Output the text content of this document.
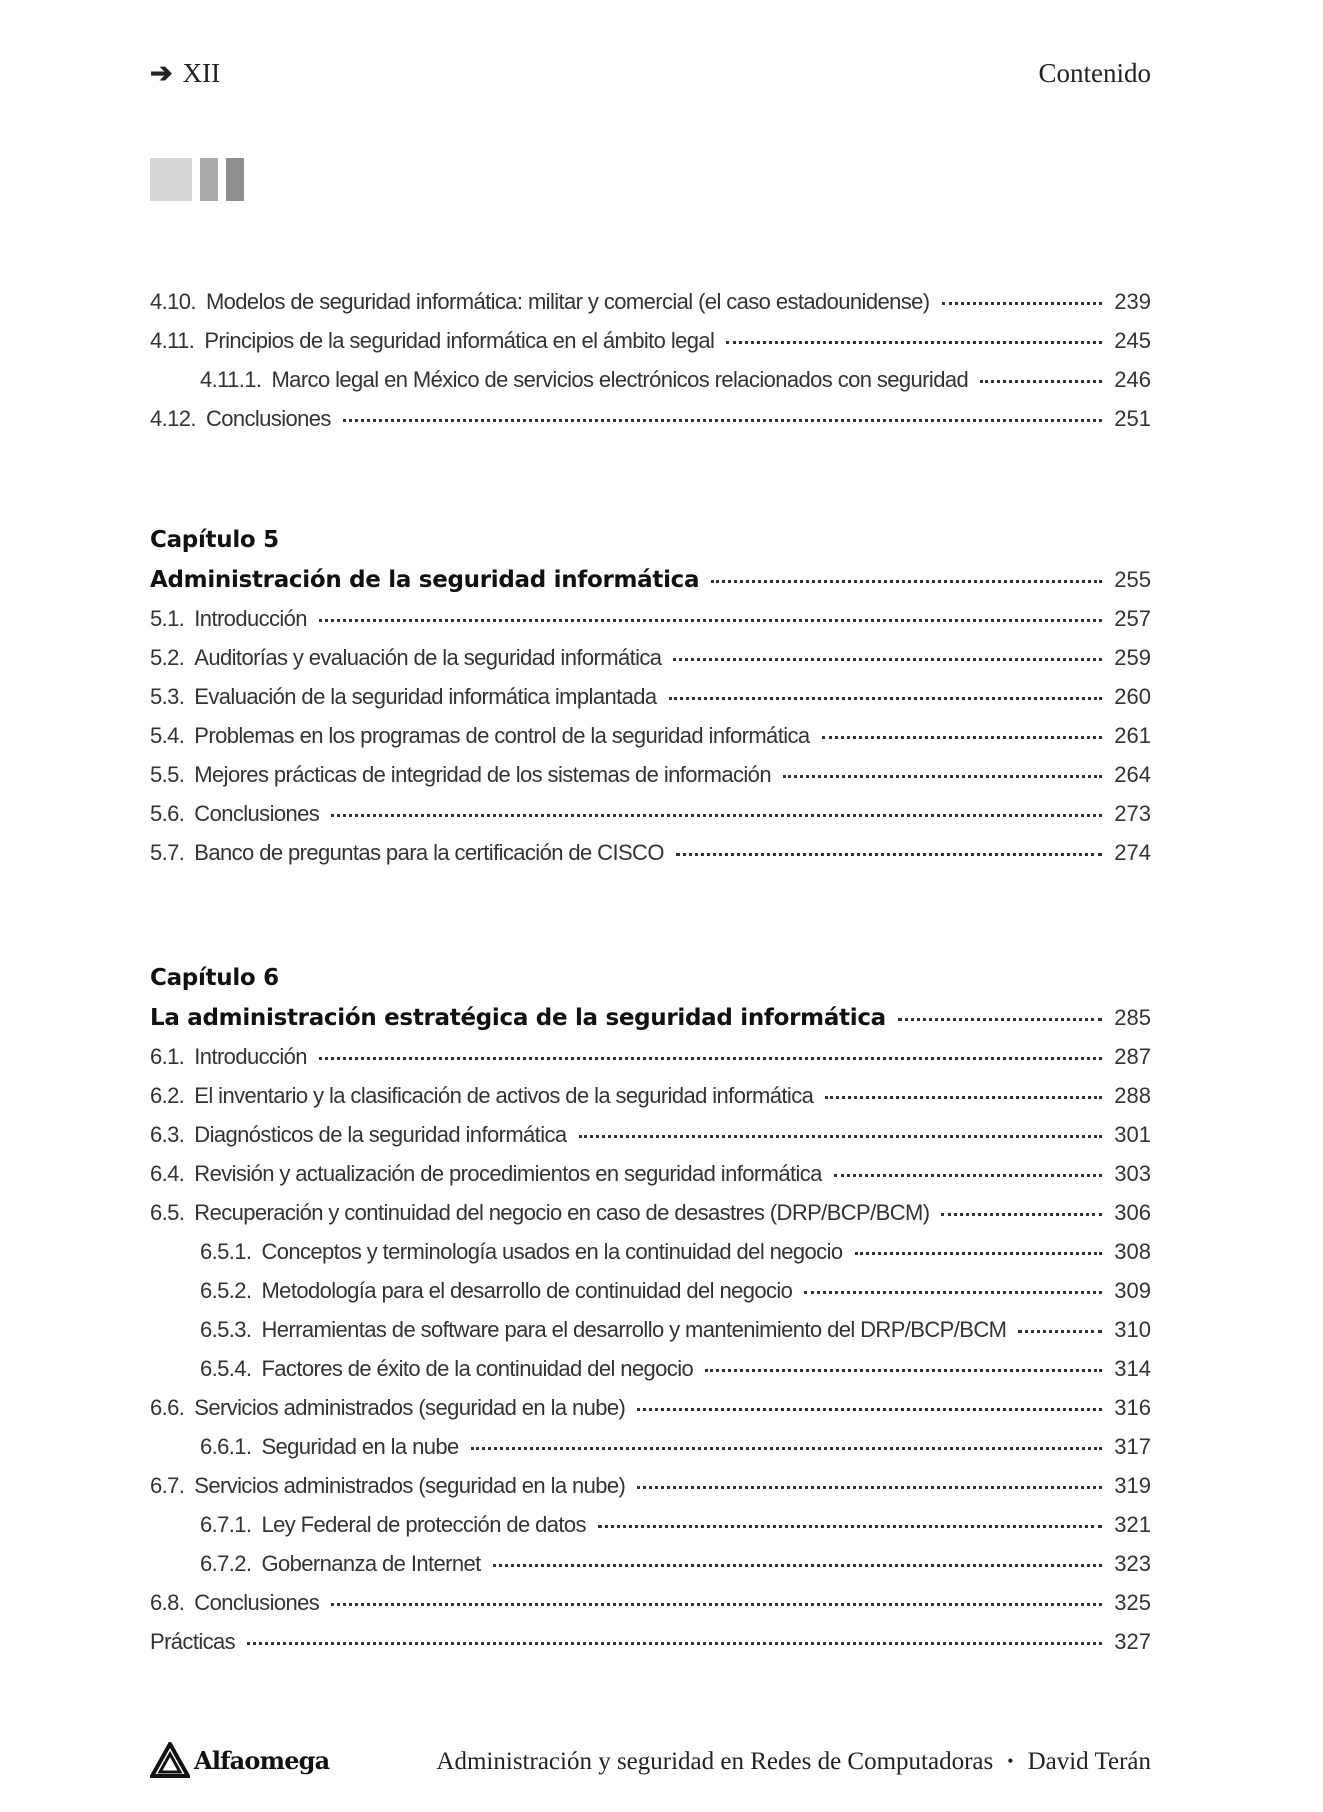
➔ XII	Contenido
4.10. Modelos de seguridad informática: militar y comercial (el caso estadounidense)	239
4.11. Principios de la seguridad informática en el ámbito legal	245
4.11.1. Marco legal en México de servicios electrónicos relacionados con seguridad	246
4.12. Conclusiones	251
Capítulo 5
Administración de la seguridad informática	255
5.1. Introducción	257
5.2. Auditorías y evaluación de la seguridad informática	259
5.3. Evaluación de la seguridad informática implantada	260
5.4. Problemas en los programas de control de la seguridad informática	261
5.5. Mejores prácticas de integridad de los sistemas de información	264
5.6. Conclusiones	273
5.7. Banco de preguntas para la certificación de CISCO	274
Capítulo 6
La administración estratégica de la seguridad informática	285
6.1. Introducción	287
6.2. El inventario y la clasificación de activos de la seguridad informática	288
6.3. Diagnósticos de la seguridad informática	301
6.4. Revisión y actualización de procedimientos en seguridad informática	303
6.5. Recuperación y continuidad del negocio en caso de desastres (DRP/BCP/BCM)	306
6.5.1. Conceptos y terminología usados en la continuidad del negocio	308
6.5.2. Metodología para el desarrollo de continuidad del negocio	309
6.5.3. Herramientas de software para el desarrollo y mantenimiento del DRP/BCP/BCM	310
6.5.4. Factores de éxito de la continuidad del negocio	314
6.6. Servicios administrados (seguridad en la nube)	316
6.6.1. Seguridad en la nube	317
6.7. Servicios administrados (seguridad en la nube)	319
6.7.1. Ley Federal de protección de datos	321
6.7.2. Gobernanza de Internet	323
6.8. Conclusiones	325
Prácticas	327
Alfaomega	Administración y seguridad en Redes de Computadoras • David Terán
